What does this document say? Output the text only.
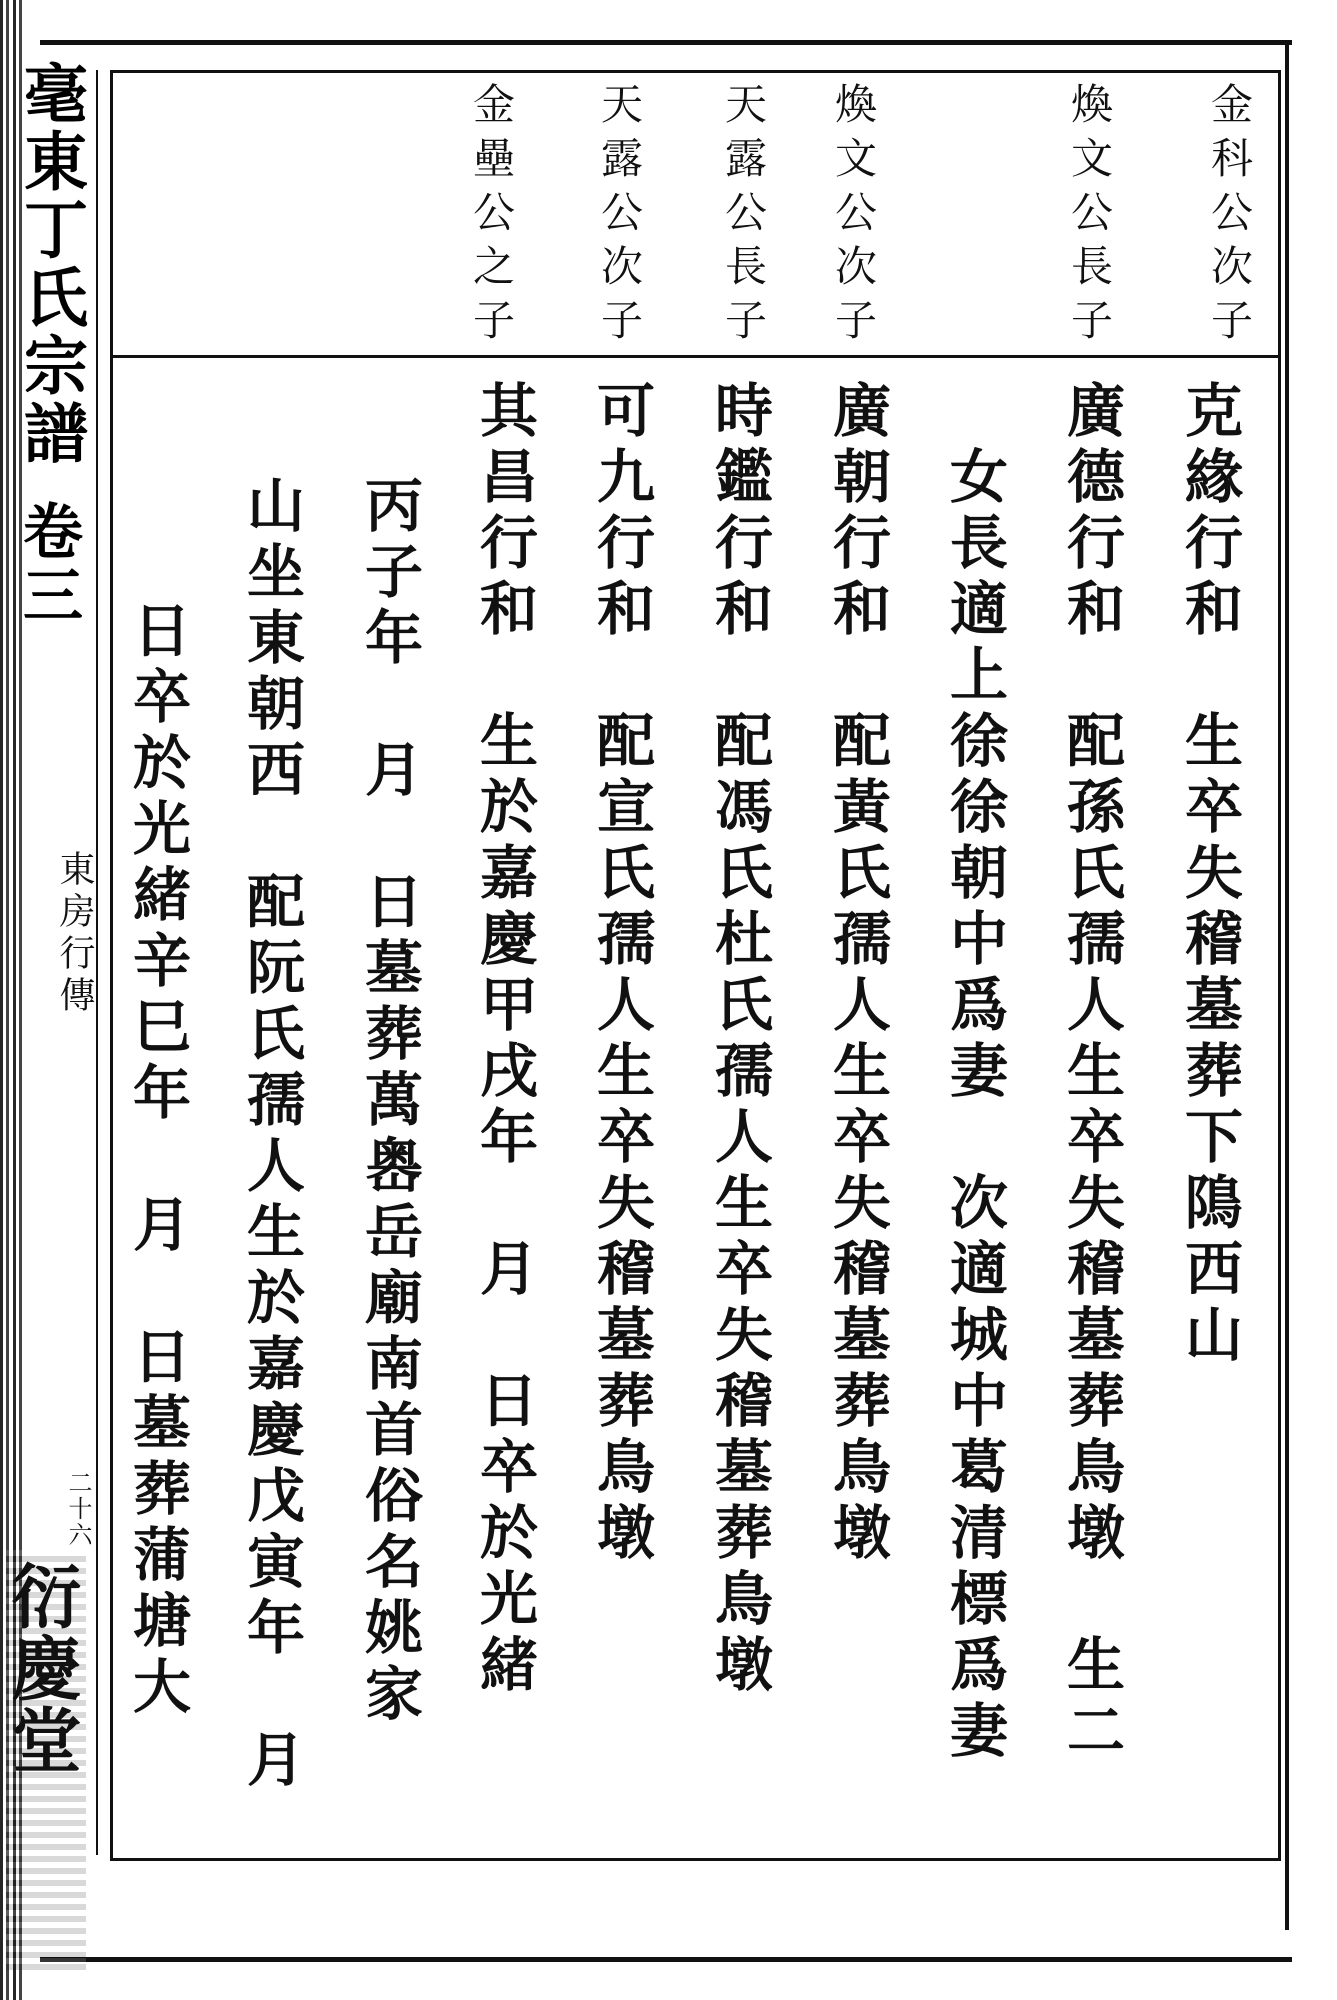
毫東丁氏宗譜
卷三
東房行傳
二十六
衍慶堂
金科公次子
煥文公長子
煥文公次子
天露公長子
天露公次子
金壘公之子
克緣行和　生卒失稽墓葬下隝西山
廣德行和　配孫氏孺人生卒失稽墓葬鳥墩　生二
　女長適上徐徐朝中爲妻　次適城中葛清標爲妻
廣朝行和　配黃氏孺人生卒失稽墓葬鳥墩
時鑑行和　配馮氏杜氏孺人生卒失稽墓葬鳥墩
可九行和　配宣氏孺人生卒失稽墓葬鳥墩
其昌行和　生於嘉慶甲戌年　月　日卒於光緒
丙子年　月　日墓葬萬嶴岳廟南首俗名姚家
山坐東朝西　配阮氏孺人生於嘉慶戊寅年　月
日卒於光緒辛巳年　月　日墓葬蒲塘大
